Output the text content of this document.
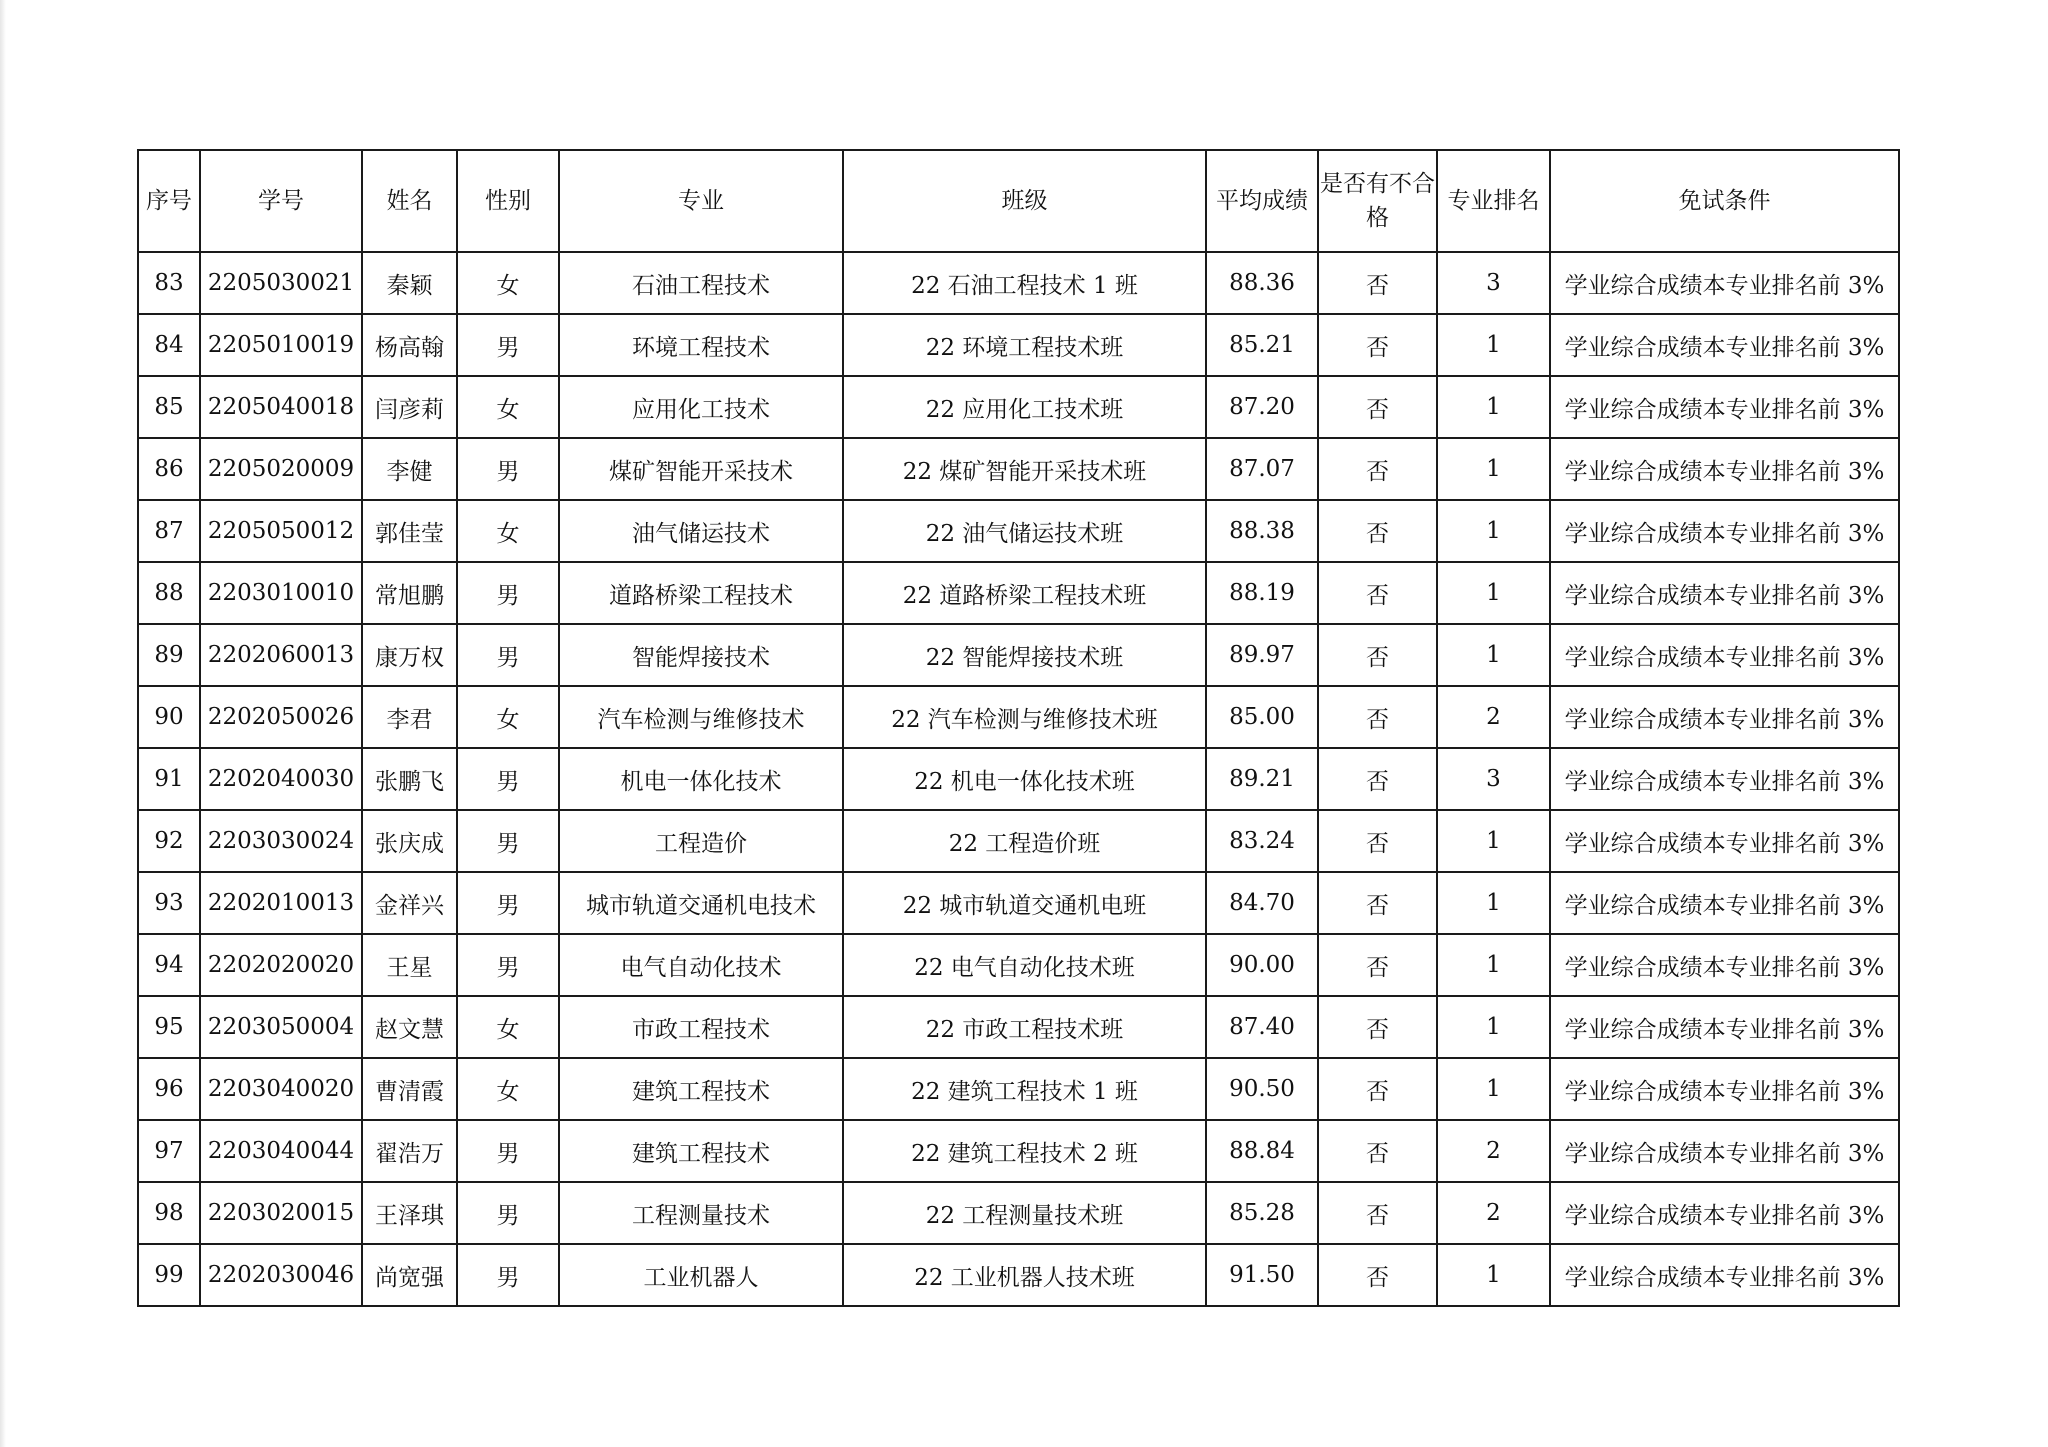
序号	学号	姓名	性别	专业	班级	平均成绩	是否有不合格	专业排名	免试条件
83	2205030021	秦颖	女	石油工程技术	22 石油工程技术 1 班	88.36	否	3	学业综合成绩本专业排名前 3%
84	2205010019	杨高翰	男	环境工程技术	22 环境工程技术班	85.21	否	1	学业综合成绩本专业排名前 3%
85	2205040018	闫彦莉	女	应用化工技术	22 应用化工技术班	87.20	否	1	学业综合成绩本专业排名前 3%
86	2205020009	李健	男	煤矿智能开采技术	22 煤矿智能开采技术班	87.07	否	1	学业综合成绩本专业排名前 3%
87	2205050012	郭佳莹	女	油气储运技术	22 油气储运技术班	88.38	否	1	学业综合成绩本专业排名前 3%
88	2203010010	常旭鹏	男	道路桥梁工程技术	22 道路桥梁工程技术班	88.19	否	1	学业综合成绩本专业排名前 3%
89	2202060013	康万权	男	智能焊接技术	22 智能焊接技术班	89.97	否	1	学业综合成绩本专业排名前 3%
90	2202050026	李君	女	汽车检测与维修技术	22 汽车检测与维修技术班	85.00	否	2	学业综合成绩本专业排名前 3%
91	2202040030	张鹏飞	男	机电一体化技术	22 机电一体化技术班	89.21	否	3	学业综合成绩本专业排名前 3%
92	2203030024	张庆成	男	工程造价	22 工程造价班	83.24	否	1	学业综合成绩本专业排名前 3%
93	2202010013	金祥兴	男	城市轨道交通机电技术	22 城市轨道交通机电班	84.70	否	1	学业综合成绩本专业排名前 3%
94	2202020020	王星	男	电气自动化技术	22 电气自动化技术班	90.00	否	1	学业综合成绩本专业排名前 3%
95	2203050004	赵文慧	女	市政工程技术	22 市政工程技术班	87.40	否	1	学业综合成绩本专业排名前 3%
96	2203040020	曹清霞	女	建筑工程技术	22 建筑工程技术 1 班	90.50	否	1	学业综合成绩本专业排名前 3%
97	2203040044	翟浩万	男	建筑工程技术	22 建筑工程技术 2 班	88.84	否	2	学业综合成绩本专业排名前 3%
98	2203020015	王泽琪	男	工程测量技术	22 工程测量技术班	85.28	否	2	学业综合成绩本专业排名前 3%
99	2202030046	尚宽强	男	工业机器人	22 工业机器人技术班	91.50	否	1	学业综合成绩本专业排名前 3%
